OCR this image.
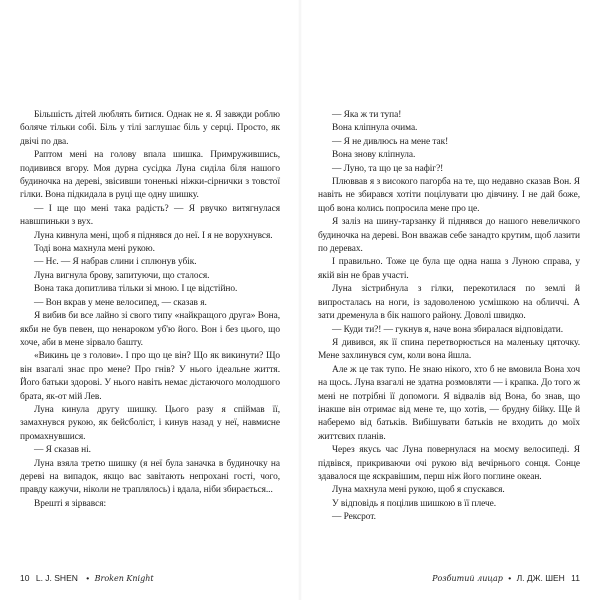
Більшість дітей люблять битися. Однак не я. Я завжди роблю боляче тільки собі. Біль у тілі заглушає біль у серці. Просто, як двічі по два.

Раптом мені на голову впала шишка. Примружившись, подивився вгору. Моя дурна сусідка Луна сиділа біля нашого будиночка на дереві, звісивши тоненькі ніжки-сірнички з товстої гілки. Вона підкидала в руці ще одну шишку.

— І ще що мені така радість? — Я рвучко витягнулася навшпиньки з вух.

Луна кивнула мені, щоб я піднявся до неї. І я не ворухнувся.

Тоді вона махнула мені рукою.

— Нє. — Я набрав слини і сплюнув убік.

Луна вигнула брову, запитуючи, що сталося.

Вона така допитлива тільки зі мною. І це відстійно.

— Вон вкрав у мене велосипед, — сказав я.

Я вибив би все лайно зі свого типу «найкращого друга» Вона, якби не був певен, що ненароком уб'ю його. Вон і без цього, що хоче, аби в мене зірвало башту.

«Викинь це з голови». І про що це він? Що як викинути? Що він взагалі знає про мене? Про гнів? У нього ідеальне життя. Його батьки здорові. У нього навіть немає дістаючого молодшого брата, як-от мій Лев.

Луна кинула другу шишку. Цього разу я спіймав її, замахнувся рукою, як бейсболіст, і кинув назад у неї, навмисне промахнувшися.

— Я сказав ні.

Луна взяла третю шишку (я неї була заначка в будиночку на дереві на випадок, якщо вас завітають непрохані гості, чого, правду кажучи, ніколи не траплялось) і вдала, ніби збирається...

Врешті я зірвався:

— Яка ж ти тупа!

Вона кліпнула очима.

— Я не дивлюсь на мене так!

Вона знову кліпнула.

— Луно, та що це за нафіг?!

Плюввав я з високого пагорба на те, що недавно сказав Вон. Я навіть не збирався хотіти поцілувати цю дівчину. І не дай боже, щоб вона колись попросила мене про це.

Я заліз на шину-тарзанку й піднявся до нашого невеличкого будиночка на дереві. Вон вважав себе занадто крутим, щоб лазити по деревах.

І правильно. Тоже це була ще одна наша з Луною справа, у якій він не брав участі.

Луна зістрибнула з гілки, перекотилася по землі й випросталась на ноги, із задоволеною усмішкою на обличчі. А зати дременула в бік нашого району. Доволі швидко.

— Куди ти?! — гукнув я, наче вона збиралася відповідати.

Я дивився, як її спина перетворюється на маленьку цяточку. Мене захлинувся сум, коли вона йшла.

Але ж це так тупо. Не знаю нікого, хто б не вмовила Вона хоч на щось. Луна взагалі не здатна розмовляти — і крапка. До того ж мені не потрібні її допомоги. Я відвалів від Вона, бо знав, що інакше він отримає від мене те, що хотів, — брудну бійку. Ще й наберемо від батьків. Вибішувати батьків не входить до моїх життєвих планів.

Через якусь час Луна повернулася на моєму велосипеді. Я підвівся, прикриваючи очі рукою від вечірнього сонця. Сонце здавалося ще яскравішим, перш ніж його поглине океан.

Луна махнула мені рукою, щоб я спускався.

У відповідь я поцілив шишкою в її плече.

— Рексрот.

10 L. J. SHEN • Broken Knight	Розбитий лицар • Л. ДЖ. ШЕН 11
